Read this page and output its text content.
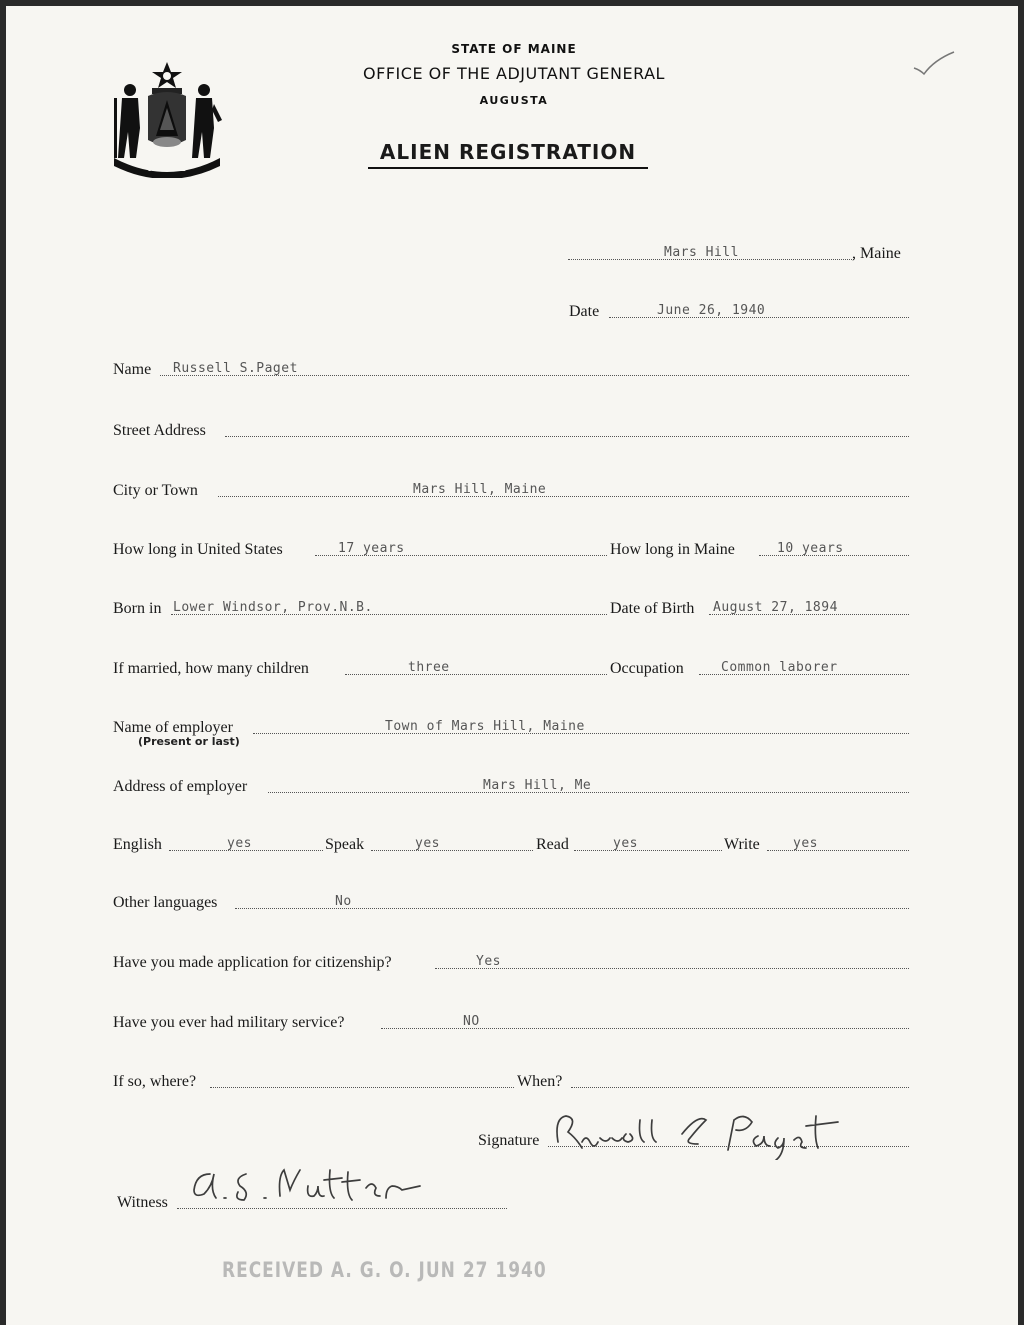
MAINE
STATE OF MAINE
OFFICE OF THE ADJUTANT GENERAL
AUGUSTA
ALIEN REGISTRATION
Mars Hill	, Maine
Date	June 26, 1940
Name Russell S.Paget
Street Address
City or Town	Mars Hill, Maine
How long in United States	17 years	How long in Maine	10 years
Born in Lower Windsor, Prov.N.B.	Date of Birth August 27, 1894
If married, how many children	three	Occupation	Common laborer
Name of employer	Town of Mars Hill, Maine
(Present or last)
Address of employer	Mars Hill, Me
English	yes	Speak	yes	Read	yes	Write	yes
Other languages	No
Have you made application for citizenship?	Yes
Have you ever had military service?	NO
If so, where?	When?
Signature
Witness
RECEIVED A. G. O. JUN 27 1940
